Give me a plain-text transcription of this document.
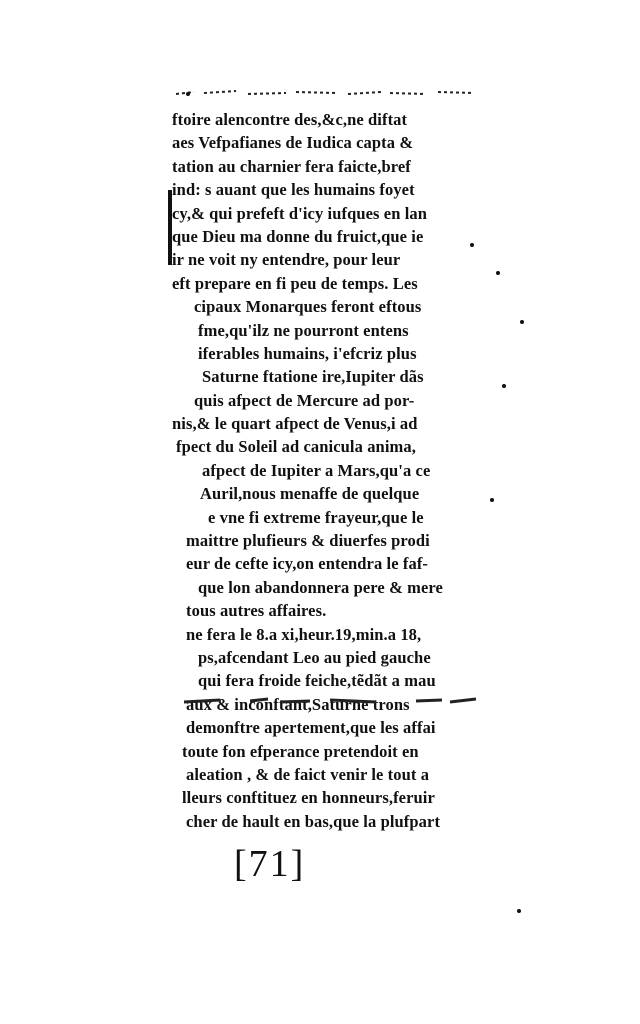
ftoire alencontre des,&c,ne diftat
aes Vefpafianes de Iudica capta &
tation au charnier fera faicte,bref
ind: s auant que les humains foyet
cy,& qui prefeft d'icy iufques en lan
que Dieu ma donne du fruict,que ie
ir ne voit ny entendre, pour leur
eft prepare en fi peu de temps. Les
cipaux Monarques feront eftous
fme,qu'ilz ne pourront entens
iferables humains, i'efcriz plus
Saturne ftatione ire,Iupiter dãs
quis afpect de Mercure ad por-
nis,& le quart afpect de Venus,i ad
fpect du Soleil ad canicula anima,
afpect de Iupiter a Mars,qu'a ce
Auril,nous menaffe de quelque
e vne fi extreme frayeur,que le
maittre plufieurs & diuerfes prodi
eur de cefte icy,on entendra le faf-
que lon abandonnera pere & mere
tous autres affaires.
ne fera le 8.a xi,heur.19,min.a 18,
ps,afcendant Leo au pied gauche
qui fera froide feiche,tẽdãt a mau
aux & inconftant,Saturne trons
demonftre apertement,que les affai
toute fon efperance pretendoit en
aleation , & de faict venir le tout a
lleurs conftituez en honneurs,feruir
cher de hault en bas,que la plufpart
[71]
